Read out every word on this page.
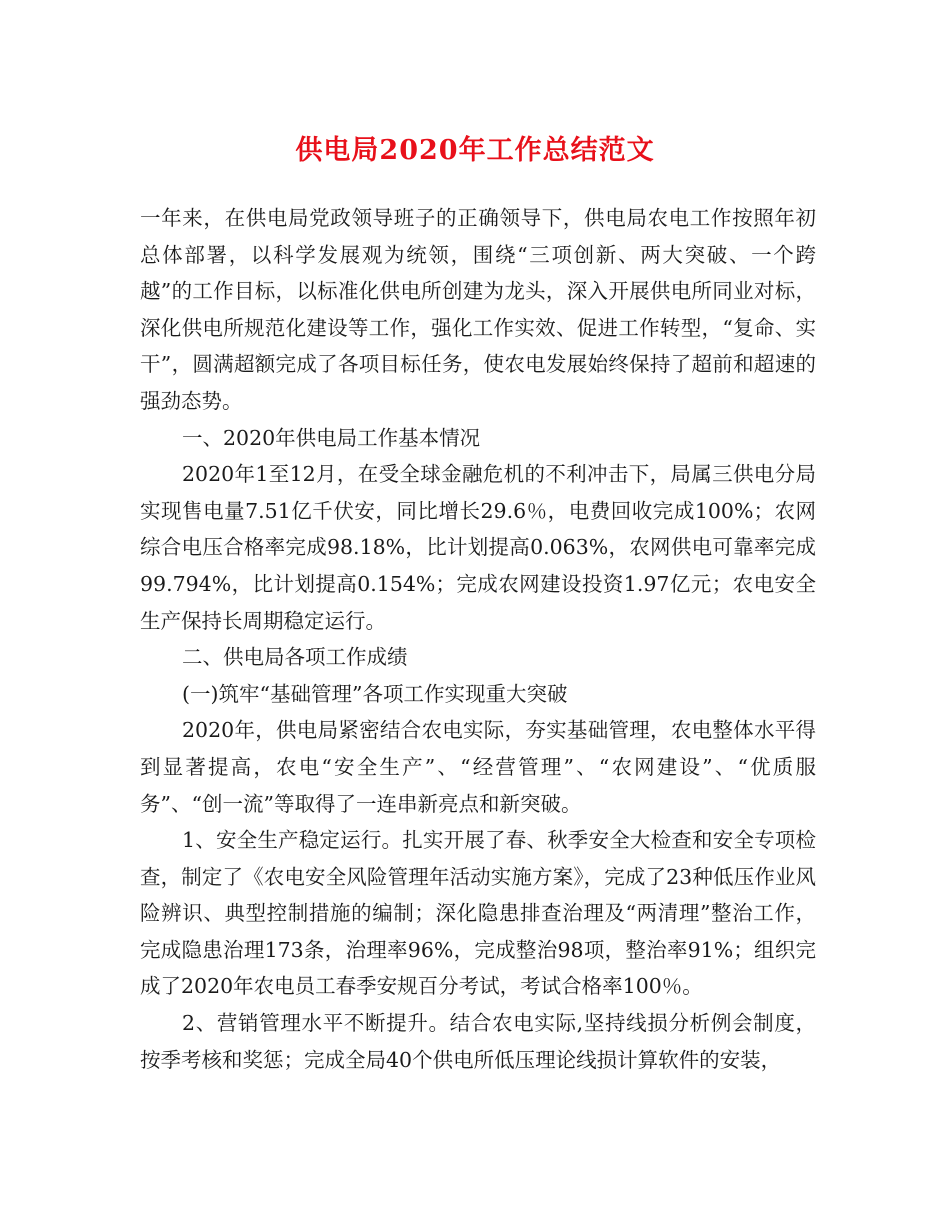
供电局2020年工作总结范文

一年来，在供电局党政领导班子的正确领导下，供电局农电工作按照年初总体部署，以科学发展观为统领，围绕“三项创新、两大突破、一个跨越”的工作目标，以标准化供电所创建为龙头，深入开展供电所同业对标，深化供电所规范化建设等工作，强化工作实效、促进工作转型，“复命、实干”，圆满超额完成了各项目标任务，使农电发展始终保持了超前和超速的强劲态势。

一、2020年供电局工作基本情况

2020年1至12月，在受全球金融危机的不利冲击下，局属三供电分局实现售电量7.51亿千伏安，同比增长29.6％，电费回收完成100%；农网综合电压合格率完成98.18%，比计划提高0.063%，农网供电可靠率完成99.794%，比计划提高0.154%；完成农网建设投资1.97亿元；农电安全生产保持长周期稳定运行。

二、供电局各项工作成绩

(一)筑牢“基础管理”各项工作实现重大突破

2020年，供电局紧密结合农电实际，夯实基础管理，农电整体水平得到显著提高，农电“安全生产”、“经营管理”、“农网建设”、“优质服务”、“创一流”等取得了一连串新亮点和新突破。

1、安全生产稳定运行。扎实开展了春、秋季安全大检查和安全专项检查，制定了《农电安全风险管理年活动实施方案》，完成了23种低压作业风险辨识、典型控制措施的编制；深化隐患排查治理及“两清理”整治工作，完成隐患治理173条，治理率96%，完成整治98项，整治率91%；组织完成了2020年农电员工春季安规百分考试，考试合格率100％。

2、营销管理水平不断提升。结合农电实际,坚持线损分析例会制度，按季考核和奖惩；完成全局40个供电所低压理论线损计算软件的安装，
